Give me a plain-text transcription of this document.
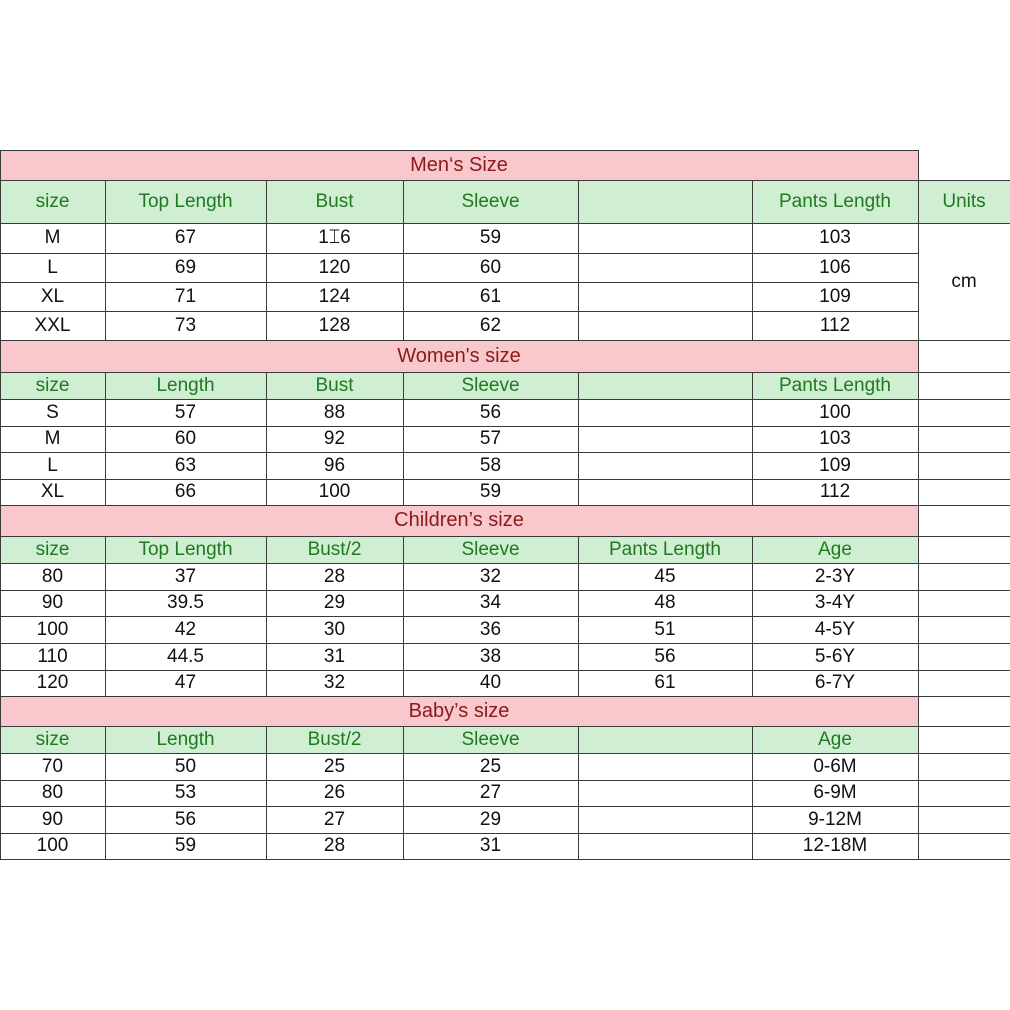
Men‘s Size
size	Top Length	Bust	Sleeve	Pants Length
M	67	1⌶6	59	103
L	69	120	60	106
XL	71	124	61	109
XXL	73	128	62	112
Women's size
size	Length	Bust	Sleeve	Pants Length
S	57	88	56	100
M	60	92	57	103
L	63	96	58	109
XL	66	100	59	112
Children’s size
size	Top Length	Bust/2	Sleeve	Pants Length	Age
80	37	28	32	45	2-3Y
90	39.5	29	34	48	3-4Y
100	42	30	36	51	4-5Y
110	44.5	31	38	56	5-6Y
120	47	32	40	61	6-7Y
Baby’s size
size	Length	Bust/2	Sleeve	Age
70	50	25	25	0-6M
80	53	26	27	6-9M
90	56	27	29	9-12M
100	59	28	31	12-18M
Units
cm
